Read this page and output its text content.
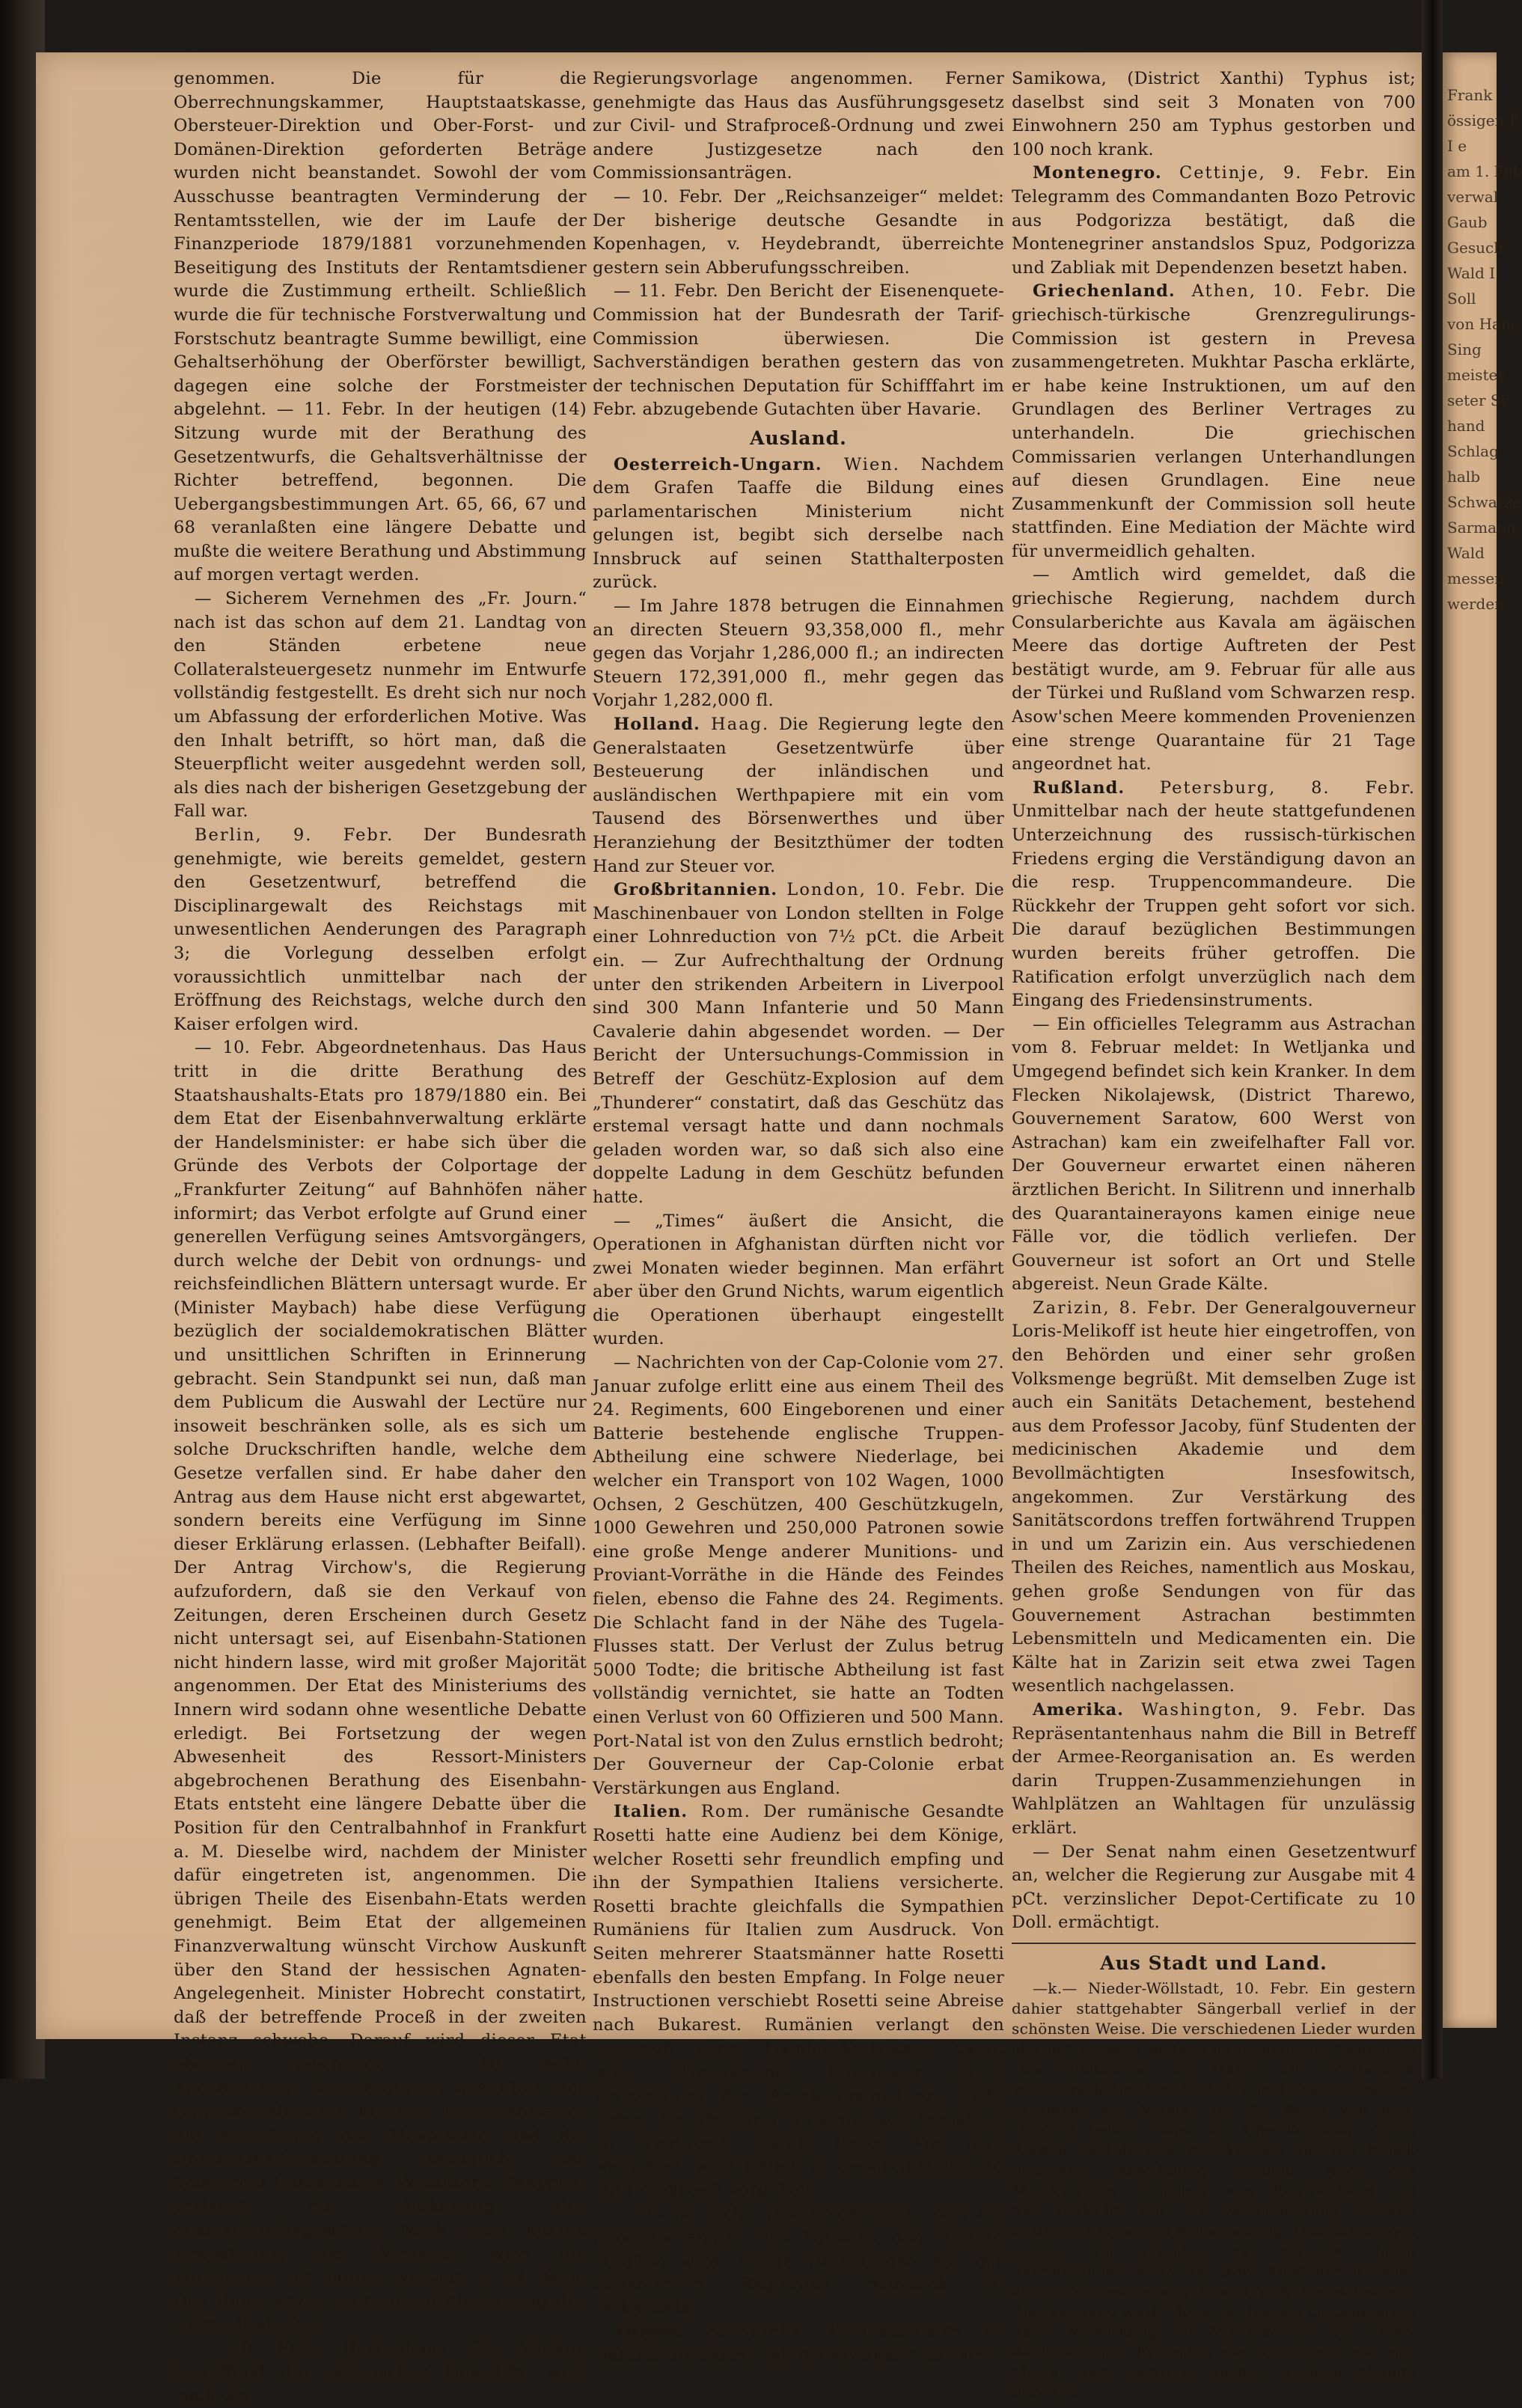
genommen. Die für die Oberrechnungskammer, Hauptstaatskasse, Obersteuer-Direktion und Ober-Forst- und Domänen-Direktion geforderten Beträge wurden nicht beanstandet. Sowohl der vom Ausschusse beantragten Verminderung der Rentamtsstellen, wie der im Laufe der Finanzperiode 1879/1881 vorzunehmenden Beseitigung des Instituts der Rentamtsdiener wurde die Zustimmung ertheilt. Schließlich wurde die für technische Forstverwaltung und Forstschutz beantragte Summe bewilligt, eine Gehaltserhöhung der Oberförster bewilligt, dagegen eine solche der Forstmeister abgelehnt. — 11. Febr. In der heutigen (14) Sitzung wurde mit der Berathung des Gesetzentwurfs, die Gehaltsverhältnisse der Richter betreffend, begonnen. Die Uebergangsbestimmungen Art. 65, 66, 67 und 68 veranlaßten eine längere Debatte und mußte die weitere Berathung und Abstimmung auf morgen vertagt werden.

— Sicherem Vernehmen des „Fr. Journ.“ nach ist das schon auf dem 21. Landtag von den Ständen erbetene neue Collateralsteuergesetz nunmehr im Entwurfe vollständig festgestellt. Es dreht sich nur noch um Abfassung der erforderlichen Motive. Was den Inhalt betrifft, so hört man, daß die Steuerpflicht weiter ausgedehnt werden soll, als dies nach der bisherigen Gesetzgebung der Fall war.

Berlin, 9. Febr. Der Bundesrath genehmigte, wie bereits gemeldet, gestern den Gesetzentwurf, betreffend die Disciplinargewalt des Reichstags mit unwesentlichen Aenderungen des Paragraph 3; die Vorlegung desselben erfolgt voraussichtlich unmittelbar nach der Eröffnung des Reichstags, welche durch den Kaiser erfolgen wird.

— 10. Febr. Abgeordnetenhaus. Das Haus tritt in die dritte Berathung des Staatshaushalts-Etats pro 1879/1880 ein. Bei dem Etat der Eisenbahnverwaltung erklärte der Handelsminister: er habe sich über die Gründe des Verbots der Colportage der „Frankfurter Zeitung“ auf Bahnhöfen näher informirt; das Verbot erfolgte auf Grund einer generellen Verfügung seines Amtsvorgängers, durch welche der Debit von ordnungs- und reichsfeindlichen Blättern untersagt wurde. Er (Minister Maybach) habe diese Verfügung bezüglich der socialdemokratischen Blätter und unsittlichen Schriften in Erinnerung gebracht. Sein Standpunkt sei nun, daß man dem Publicum die Auswahl der Lectüre nur insoweit beschränken solle, als es sich um solche Druckschriften handle, welche dem Gesetze verfallen sind. Er habe daher den Antrag aus dem Hause nicht erst abgewartet, sondern bereits eine Verfügung im Sinne dieser Erklärung erlassen. (Lebhafter Beifall). Der Antrag Virchow's, die Regierung aufzufordern, daß sie den Verkauf von Zeitungen, deren Erscheinen durch Gesetz nicht untersagt sei, auf Eisenbahn-Stationen nicht hindern lasse, wird mit großer Majorität angenommen. Der Etat des Ministeriums des Innern wird sodann ohne wesentliche Debatte erledigt. Bei Fortsetzung der wegen Abwesenheit des Ressort-Ministers abgebrochenen Berathung des Eisenbahn-Etats entsteht eine längere Debatte über die Position für den Centralbahnhof in Frankfurt a. M. Dieselbe wird, nachdem der Minister dafür eingetreten ist, angenommen. Die übrigen Theile des Eisenbahn-Etats werden genehmigt. Beim Etat der allgemeinen Finanzverwaltung wünscht Virchow Auskunft über den Stand der hessischen Agnaten-Angelegenheit. Minister Hobrecht constatirt, daß der betreffende Proceß in der zweiten Instanz schwebe. Darauf wird dieser Etat ebenfalls genehmigt. — 10. Febr. Abendsitzung. Bei Berathung des Etats des Cultusministeriums kritisirt von Schorlemer die Ausführung der Maigesetze und die Unterrichts-Verwaltung bezüglich des Volksschul Unterrichtes. Windthorst (Meppen) verlangt die Aufhebung des Schulaufsichtsgesetzes. Nach einer kurzen Erwiederung des Ministers wird die Fortsitzung auf morgen vertagt. — 11. Febr. Das Haus setzte heute die dritte Lesung des Cultus-Etats fort.

— 10. Febr. Herrenhaus. Die Vorlage betreffend die sächsischen Domstifte wird nach der

Regierungsvorlage angenommen. Ferner genehmigte das Haus das Ausführungsgesetz zur Civil- und Strafproceß-Ordnung und zwei andere Justizgesetze nach den Commissionsanträgen.

— 10. Febr. Der „Reichsanzeiger“ meldet: Der bisherige deutsche Gesandte in Kopenhagen, v. Heydebrandt, überreichte gestern sein Abberufungsschreiben.

— 11. Febr. Den Bericht der Eisenenquete-Commission hat der Bundesrath der Tarif-Commission überwiesen. Die Sachverständigen berathen gestern das von der technischen Deputation für Schifffahrt im Febr. abzugebende Gutachten über Havarie.

Ausland.

Oesterreich-Ungarn. Wien. Nachdem dem Grafen Taaffe die Bildung eines parlamentarischen Ministerium nicht gelungen ist, begibt sich derselbe nach Innsbruck auf seinen Statthalterposten zurück.

— Im Jahre 1878 betrugen die Einnahmen an directen Steuern 93,358,000 fl., mehr gegen das Vorjahr 1,286,000 fl.; an indirecten Steuern 172,391,000 fl., mehr gegen das Vorjahr 1,282,000 fl.

Holland. Haag. Die Regierung legte den Generalstaaten Gesetzentwürfe über Besteuerung der inländischen und ausländischen Werthpapiere mit ein vom Tausend des Börsenwerthes und über Heranziehung der Besitzthümer der todten Hand zur Steuer vor.

Großbritannien. London, 10. Febr. Die Maschinenbauer von London stellten in Folge einer Lohnreduction von 7½ pCt. die Arbeit ein. — Zur Aufrechthaltung der Ordnung unter den strikenden Arbeitern in Liverpool sind 300 Mann Infanterie und 50 Mann Cavalerie dahin abgesendet worden. — Der Bericht der Untersuchungs-Commission in Betreff der Geschütz-Explosion auf dem „Thunderer“ constatirt, daß das Geschütz das erstemal versagt hatte und dann nochmals geladen worden war, so daß sich also eine doppelte Ladung in dem Geschütz befunden hatte.

— „Times“ äußert die Ansicht, die Operationen in Afghanistan dürften nicht vor zwei Monaten wieder beginnen. Man erfährt aber über den Grund Nichts, warum eigentlich die Operationen überhaupt eingestellt wurden.

— Nachrichten von der Cap-Colonie vom 27. Januar zufolge erlitt eine aus einem Theil des 24. Regiments, 600 Eingeborenen und einer Batterie bestehende englische Truppen-Abtheilung eine schwere Niederlage, bei welcher ein Transport von 102 Wagen, 1000 Ochsen, 2 Geschützen, 400 Geschützkugeln, 1000 Gewehren und 250,000 Patronen sowie eine große Menge anderer Munitions- und Proviant-Vorräthe in die Hände des Feindes fielen, ebenso die Fahne des 24. Regiments. Die Schlacht fand in der Nähe des Tugela-Flusses statt. Der Verlust der Zulus betrug 5000 Todte; die britische Abtheilung ist fast vollständig vernichtet, sie hatte an Todten einen Verlust von 60 Offizieren und 500 Mann. Port-Natal ist von den Zulus ernstlich bedroht; Der Gouverneur der Cap-Colonie erbat Verstärkungen aus England.

Italien. Rom. Der rumänische Gesandte Rosetti hatte eine Audienz bei dem Könige, welcher Rosetti sehr freundlich empfing und ihn der Sympathien Italiens versicherte. Rosetti brachte gleichfalls die Sympathien Rumäniens für Italien zum Ausdruck. Von Seiten mehrerer Staatsmänner hatte Rosetti ebenfalls den besten Empfang. In Folge neuer Instructionen verschiebt Rosetti seine Abreise nach Bukarest. Rumänien verlangt den Abschluß eines Handels-Vertrages, damit seine ökonomischen Interessen durch Verzögerung der Anerkennungsfrage nicht leiden. Ein ähnliches Verlangen soll Rumänien an Frankreich gestellt haben. Wie man versichert, wird Italien in Uebereinstimmung mit Frankreich vorgehen.

— Es ist nicht unwahrscheinlich, daß ein Specialgesandter des Vatikans den Auftrag erhalten wird, einige Detailfragen mit der italienischen Regierung mündlich zu verhandeln.

Türkei. Salonichi. Türkischerseits ist amtlich constatirt, daß die Krankheit im Dorfe

Samikowa, (District Xanthi) Typhus ist; daselbst sind seit 3 Monaten von 700 Einwohnern 250 am Typhus gestorben und 100 noch krank.

Montenegro. Cettinje, 9. Febr. Ein Telegramm des Commandanten Bozo Petrovic aus Podgorizza bestätigt, daß die Montenegriner anstandslos Spuz, Podgorizza und Zabliak mit Dependenzen besetzt haben.

Griechenland. Athen, 10. Febr. Die griechisch-türkische Grenzregulirungs-Commission ist gestern in Prevesa zusammengetreten. Mukhtar Pascha erklärte, er habe keine Instruktionen, um auf den Grundlagen des Berliner Vertrages zu unterhandeln. Die griechischen Commissarien verlangen Unterhandlungen auf diesen Grundlagen. Eine neue Zusammenkunft der Commission soll heute stattfinden. Eine Mediation der Mächte wird für unvermeidlich gehalten.

— Amtlich wird gemeldet, daß die griechische Regierung, nachdem durch Consularberichte aus Kavala am ägäischen Meere das dortige Auftreten der Pest bestätigt wurde, am 9. Februar für alle aus der Türkei und Rußland vom Schwarzen resp. Asow'schen Meere kommenden Provenienzen eine strenge Quarantaine für 21 Tage angeordnet hat.

Rußland. Petersburg, 8. Febr. Unmittelbar nach der heute stattgefundenen Unterzeichnung des russisch-türkischen Friedens erging die Verständigung davon an die resp. Truppencommandeure. Die Rückkehr der Truppen geht sofort vor sich. Die darauf bezüglichen Bestimmungen wurden bereits früher getroffen. Die Ratification erfolgt unverzüglich nach dem Eingang des Friedensinstruments.

— Ein officielles Telegramm aus Astrachan vom 8. Februar meldet: In Wetljanka und Umgegend befindet sich kein Kranker. In dem Flecken Nikolajewsk, (District Tharewo, Gouvernement Saratow, 600 Werst von Astrachan) kam ein zweifelhafter Fall vor. Der Gouverneur erwartet einen näheren ärztlichen Bericht. In Silitrenn und innerhalb des Quarantainerayons kamen einige neue Fälle vor, die tödlich verliefen. Der Gouverneur ist sofort an Ort und Stelle abgereist. Neun Grade Kälte.

Zarizin, 8. Febr. Der Generalgouverneur Loris-Melikoff ist heute hier eingetroffen, von den Behörden und einer sehr großen Volksmenge begrüßt. Mit demselben Zuge ist auch ein Sanitäts Detachement, bestehend aus dem Professor Jacoby, fünf Studenten der medicinischen Akademie und dem Bevollmächtigten Insesfowitsch, angekommen. Zur Verstärkung des Sanitätscordons treffen fortwährend Truppen in und um Zarizin ein. Aus verschiedenen Theilen des Reiches, namentlich aus Moskau, gehen große Sendungen von für das Gouvernement Astrachan bestimmten Lebensmitteln und Medicamenten ein. Die Kälte hat in Zarizin seit etwa zwei Tagen wesentlich nachgelassen.

Amerika. Washington, 9. Febr. Das Repräsentantenhaus nahm die Bill in Betreff der Armee-Reorganisation an. Es werden darin Truppen-Zusammenziehungen in Wahlplätzen an Wahltagen für unzulässig erklärt.

— Der Senat nahm einen Gesetzentwurf an, welcher die Regierung zur Ausgabe mit 4 pCt. verzinslicher Depot-Certificate zu 10 Doll. ermächtigt.

Aus Stadt und Land.

—k.— Nieder-Wöllstadt, 10. Febr. Ein gestern dahier stattgehabter Sängerball verlief in der schönsten Weise. Die verschiedenen Lieder wurden alle mit großem Beifalle aufgenommen, besonders „das Schifferlied“ von Häßler. Der Festlichkeit wurde auch durch viele Reden und Toaste gewürzt. Präsident des Vereins ist Hr. Weith von hier, Dirigent Lehrer Faust von Ober-Wöllstadt deren Wirken im Interesse des Vereins und der Musik besondere Erwähnung verdient. Auch des Musikvereins „Frohsinn“ von Ober-Wöllstadt sei hier gedacht, der zur Verschönerung unseres Festes in der besten Weise beitrug. Obwohl voriges Jahres erst gebildet, hat derselbe durch unermüdlichen Fleiß und große Ausdauer in dieser kurzen Zeit es dahin gebracht, daß ihm allgemeine Anerkennung wird. Möge der hiesige Gesangverein unter Mitwirkung des Musik-Vereins von Ober-Wöllstadt den Freunden des Gesanges und der Musik noch mehrere solcher schönen Abende bereiten.

Frank
össigen F
I e
am 1. Feb
verwal
Gaub
Gesuch
Wald I
Soll
von Ham
Sing
meister
seter Sc
hand
Schlag
halb
Schwarze
Sarmann
Wald
messen
werden
